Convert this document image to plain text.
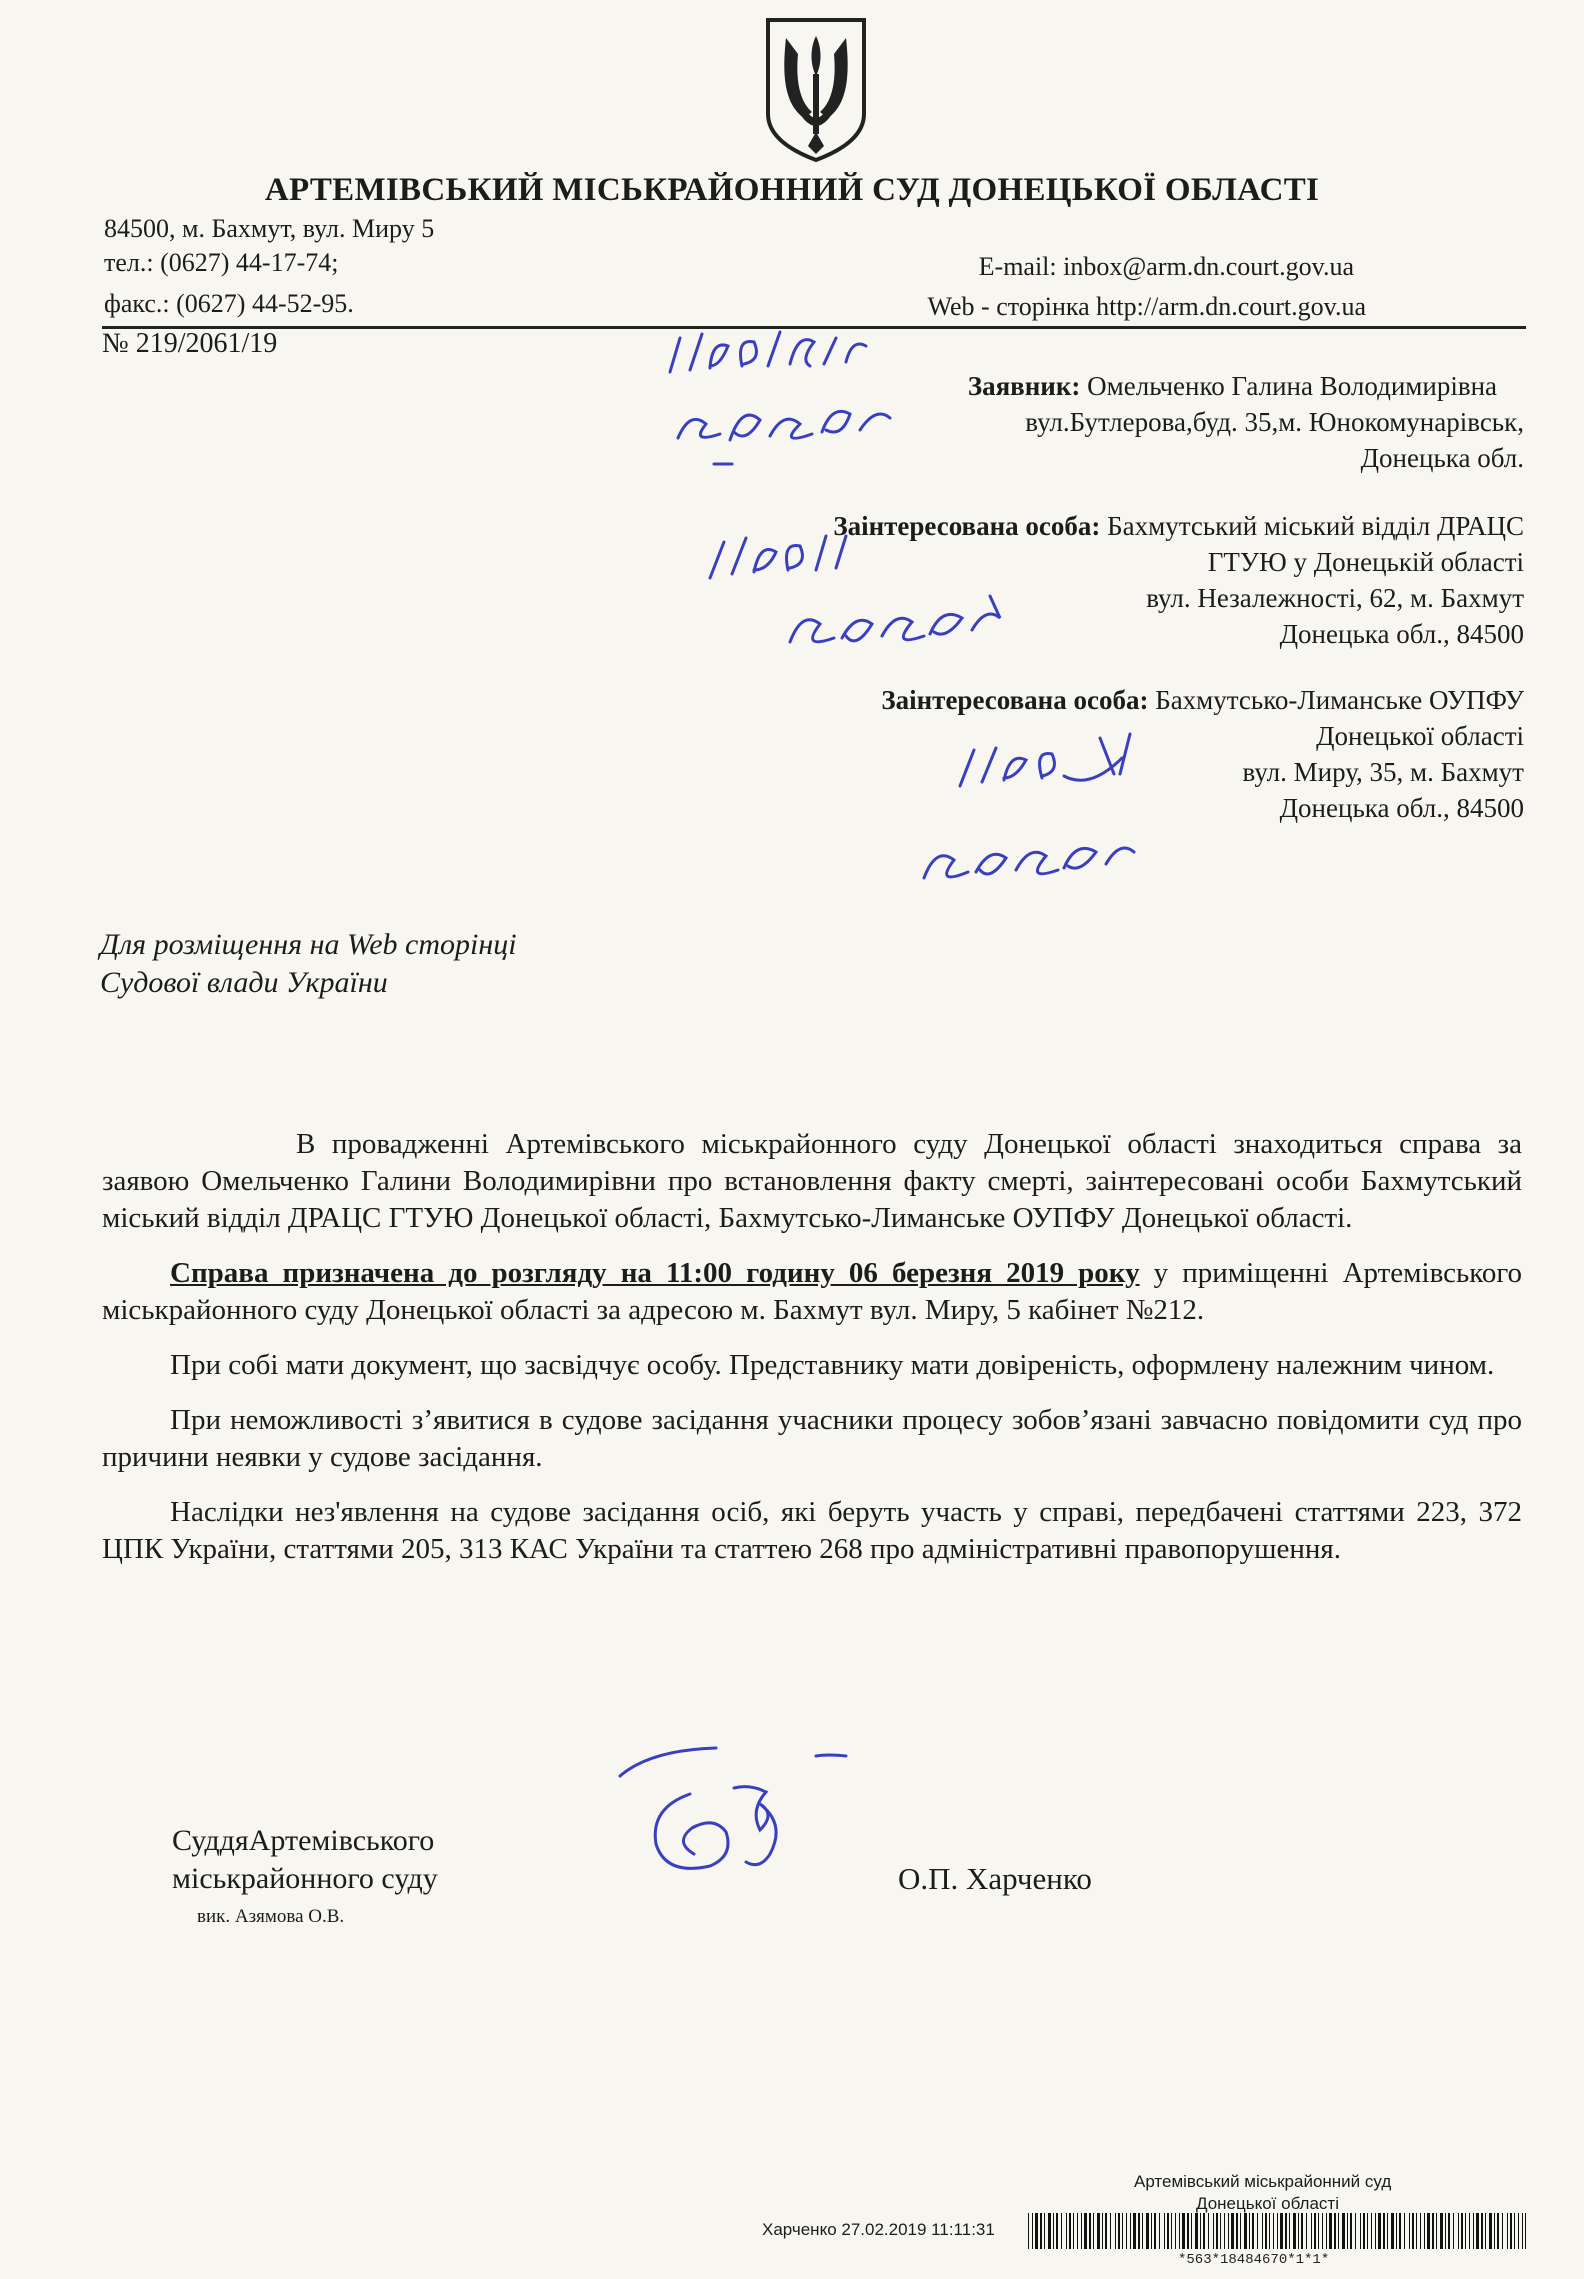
АРТЕМІВСЬКИЙ МІСЬКРАЙОННИЙ СУД ДОНЕЦЬКОЇ ОБЛАСТІ
84500, м. Бахмут, вул. Миру 5
тел.: (0627) 44-17-74;
факс.: (0627) 44-52-95.
E-mail: inbox@arm.dn.court.gov.ua
Web - сторінка http://arm.dn.court.gov.ua
№ 219/2061/19
Заявник: Омельченко Галина Володимирівна
вул.Бутлерова,буд. 35,м. Юнокомунарівськ,
Донецька обл.
Заінтересована особа: Бахмутський міський відділ ДРАЦС
ГТУЮ у Донецькій області
вул. Незалежності, 62, м. Бахмут
Донецька обл., 84500
Заінтересована особа: Бахмутсько-Лиманське ОУПФУ
Донецької області
вул. Миру, 35, м. Бахмут
Донецька обл., 84500
Для розміщення на Web сторінці
Судової влади України

В провадженні Артемівського міськрайонного суду Донецької області знаходиться справа за заявою Омельченко Галини Володимирівни про встановлення факту смерті, заінтересовані особи Бахмутський міський відділ ДРАЦС ГТУЮ Донецької області, Бахмутсько-Лиманське ОУПФУ Донецької області.

Справа призначена до розгляду на 11:00 годину 06 березня 2019 року у приміщенні Артемівського міськрайонного суду Донецької області за адресою м. Бахмут вул. Миру, 5 кабінет №212.

При собі мати документ, що засвідчує особу. Представнику мати довіреність, оформлену належним чином.

При неможливості з’явитися в судове засідання учасники процесу зобов’язані завчасно повідомити суд про причини неявки у судове засідання.

Наслідки нез'явлення на судове засідання осіб, які беруть участь у справі, передбачені статтями 223, 372 ЦПК України, статтями 205, 313 КАС України та статтею 268 про адміністративні правопорушення.

СуддяАртемівського
міськрайонного суду
вик. Азямова О.В.
О.П. Харченко
Артемівський міськрайонний суд
Донецької області
Харченко 27.02.2019 11:11:31
*563*18484670*1*1*
